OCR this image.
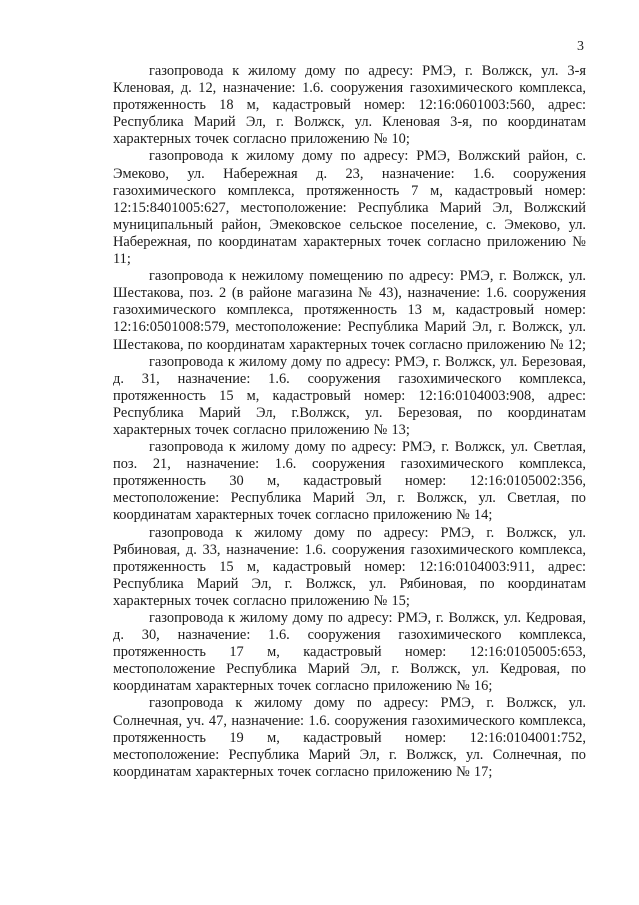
3

газопровода к жилому дому по адресу: РМЭ, г. Волжск, ул. 3-я Кленовая, д. 12, назначение: 1.6. сооружения газохимического комплекса, протяженность 18 м, кадастровый номер: 12:16:0601003:560, адрес: Республика Марий Эл, г. Волжск, ул. Кленовая 3-я, по координатам характерных точек согласно приложению № 10;

газопровода к жилому дому по адресу: РМЭ, Волжский район, с. Эмеково, ул. Набережная д. 23, назначение: 1.6. сооружения газохимического комплекса, протяженность 7 м, кадастровый номер: 12:15:8401005:627, местоположение: Республика Марий Эл, Волжский муниципальный район, Эмековское сельское поселение, с. Эмеково, ул. Набережная, по координатам характерных точек согласно приложению № 11;

газопровода к нежилому помещению по адресу: РМЭ, г. Волжск, ул. Шестакова, поз. 2 (в районе магазина № 43), назначение: 1.6. сооружения газохимического комплекса, протяженность 13 м, кадастровый номер: 12:16:0501008:579, местоположение: Республика Марий Эл, г. Волжск, ул. Шестакова, по координатам характерных точек согласно приложению № 12;

газопровода к жилому дому по адресу: РМЭ, г. Волжск, ул. Березовая, д. 31, назначение: 1.6. сооружения газохимического комплекса, протяженность 15 м, кадастровый номер: 12:16:0104003:908, адрес: Республика Марий Эл, г.Волжск, ул. Березовая, по координатам характерных точек согласно приложению № 13;

газопровода к жилому дому по адресу: РМЭ, г. Волжск, ул. Светлая, поз. 21, назначение: 1.6. сооружения газохимического комплекса, протяженность 30 м, кадастровый номер: 12:16:0105002:356, местоположение: Республика Марий Эл, г. Волжск, ул. Светлая, по координатам характерных точек согласно приложению № 14;

газопровода к жилому дому по адресу: РМЭ, г. Волжск, ул. Рябиновая, д. 33, назначение: 1.6. сооружения газохимического комплекса, протяженность 15 м, кадастровый номер: 12:16:0104003:911, адрес: Республика Марий Эл, г. Волжск, ул. Рябиновая, по координатам характерных точек согласно приложению № 15;

газопровода к жилому дому по адресу: РМЭ, г. Волжск, ул. Кедровая, д. 30, назначение: 1.6. сооружения газохимического комплекса, протяженность 17 м, кадастровый номер: 12:16:0105005:653, местоположение Республика Марий Эл, г. Волжск, ул. Кедровая, по координатам характерных точек согласно приложению № 16;

газопровода к жилому дому по адресу: РМЭ, г. Волжск, ул. Солнечная, уч. 47, назначение: 1.6. сооружения газохимического комплекса, протяженность 19 м, кадастровый номер: 12:16:0104001:752, местоположение: Республика Марий Эл, г. Волжск, ул. Солнечная, по координатам характерных точек согласно приложению № 17;
